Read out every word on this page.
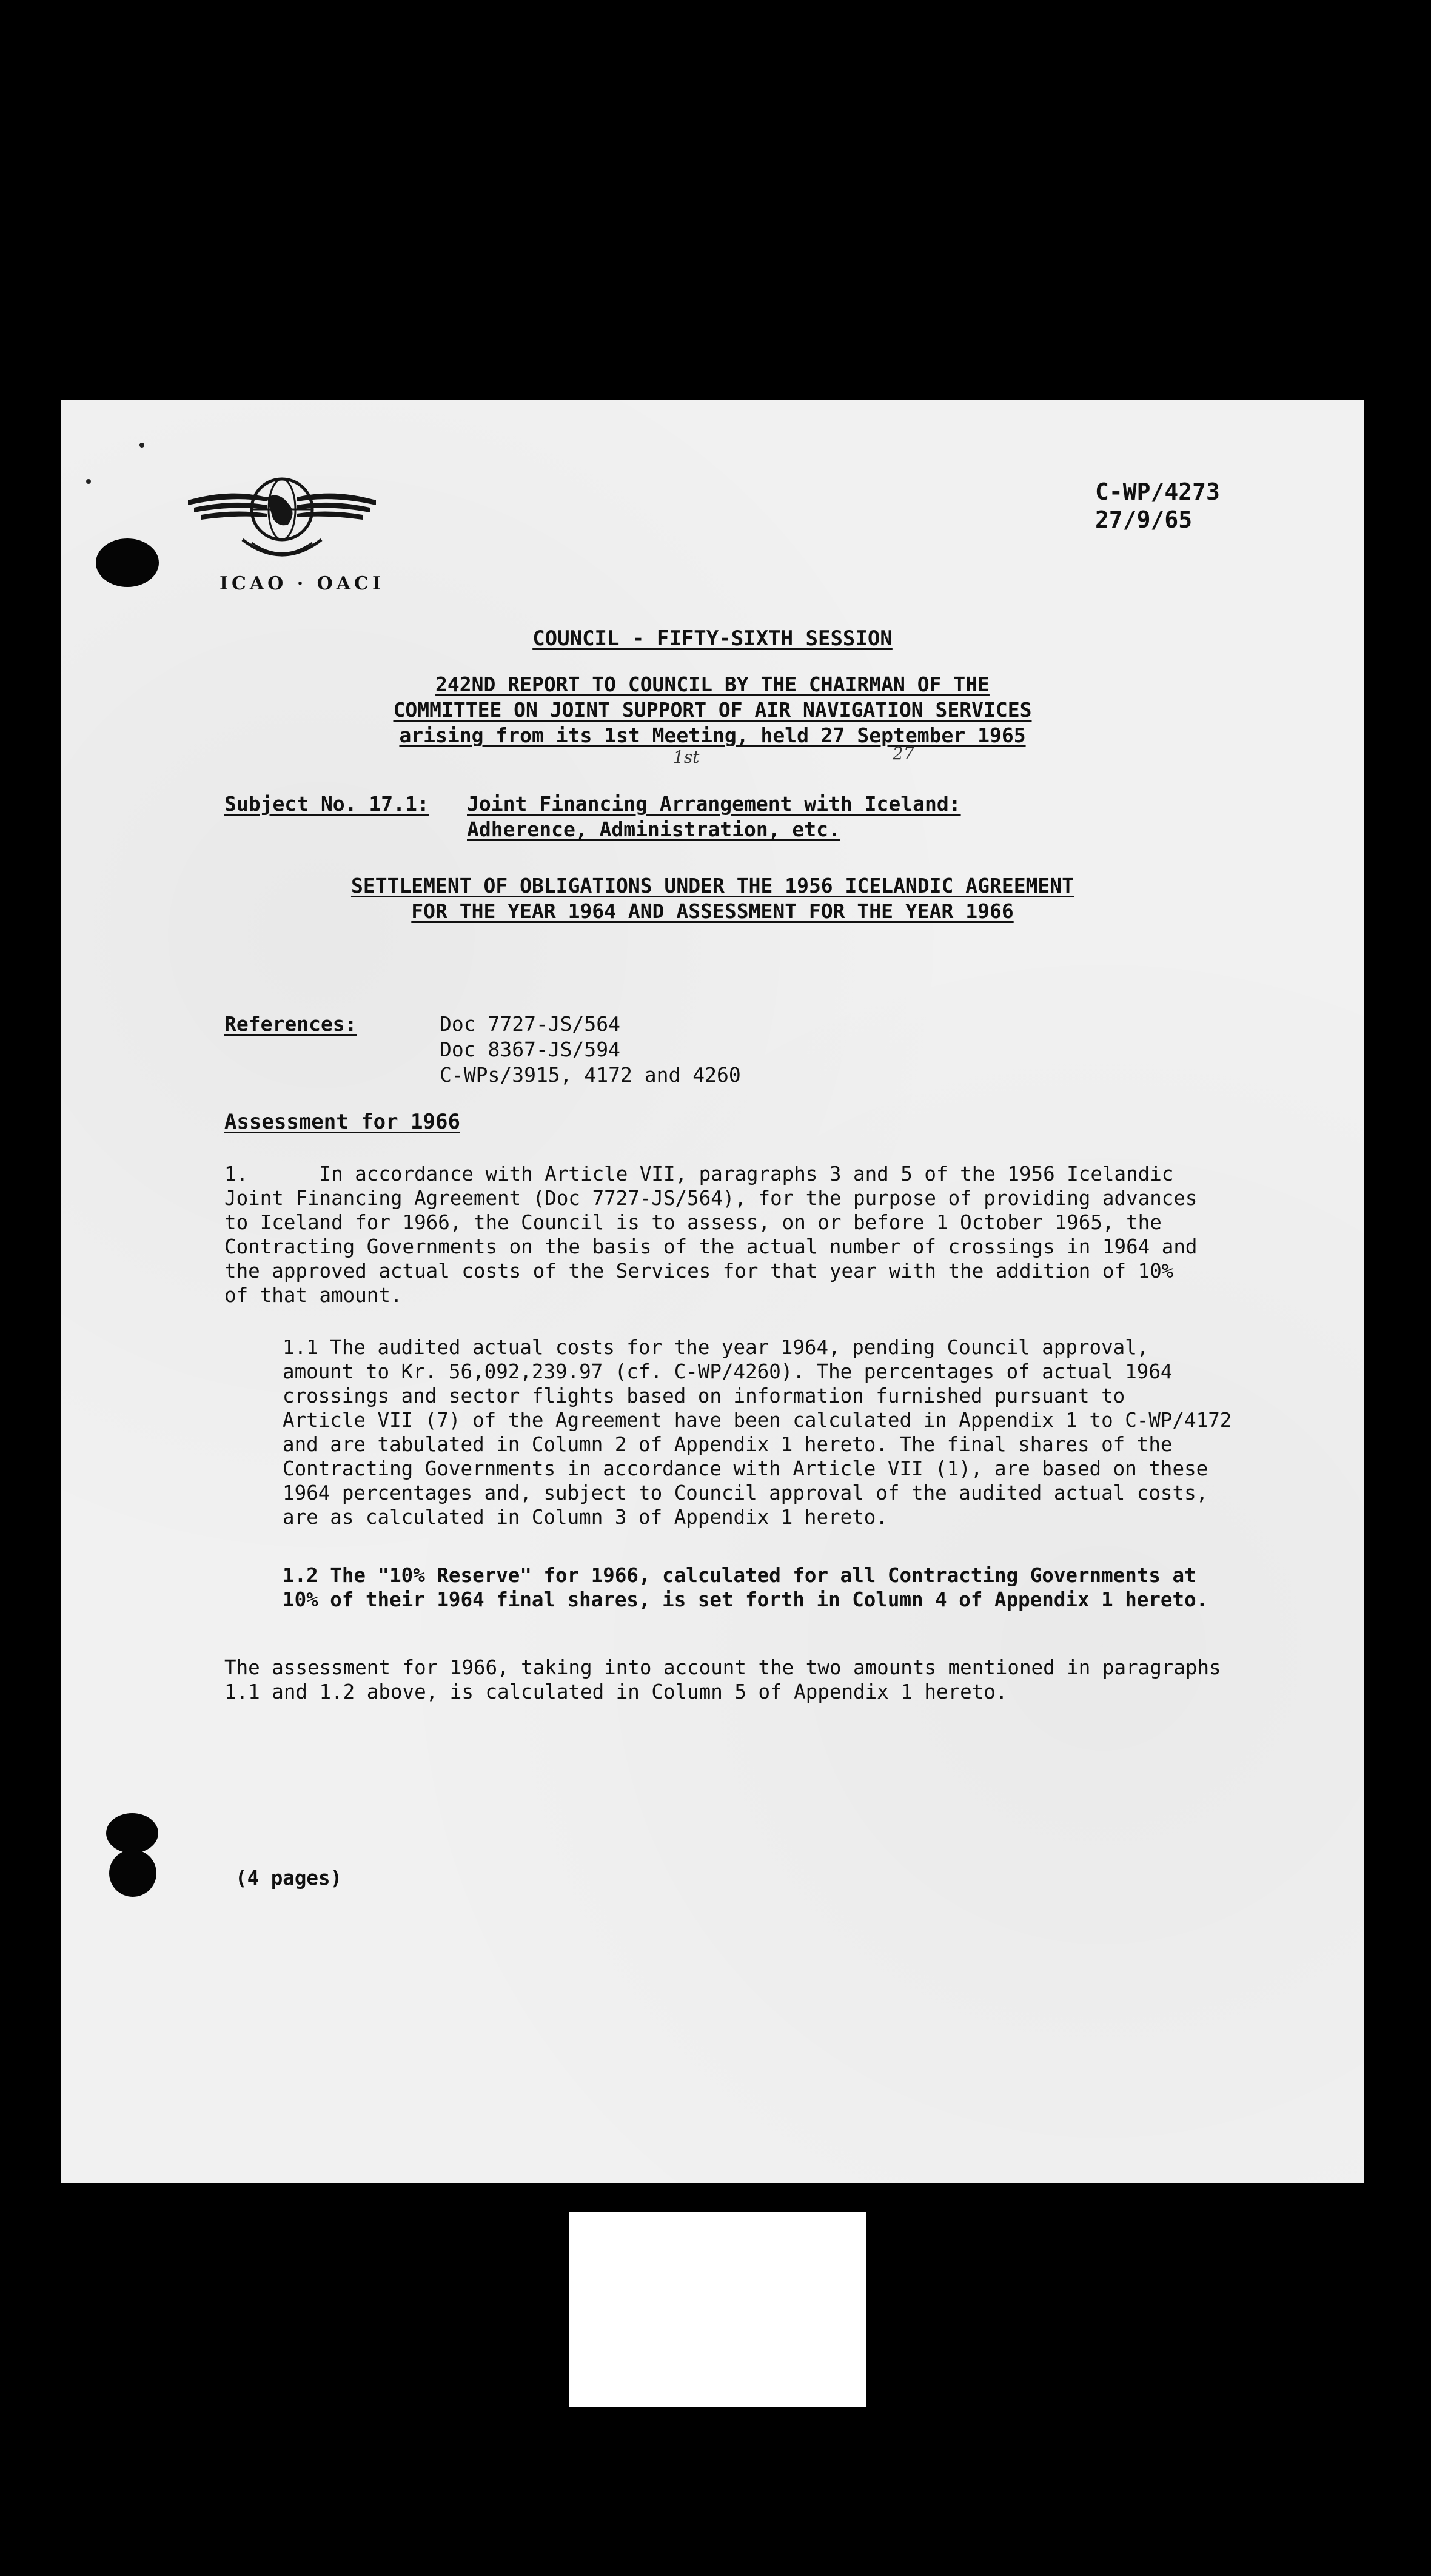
ICAO · OACI
C-WP/4273
27/9/65
COUNCIL - FIFTY-SIXTH SESSION
242ND REPORT TO COUNCIL BY THE CHAIRMAN OF THE
COMMITTEE ON JOINT SUPPORT OF AIR NAVIGATION SERVICES
arising from its 1st Meeting, held 27 September 1965
1st	27
Subject No. 17.1: Joint Financing Arrangement with Iceland:
Adherence, Administration, etc.
SETTLEMENT OF OBLIGATIONS UNDER THE 1956 ICELANDIC AGREEMENT
FOR THE YEAR 1964 AND ASSESSMENT FOR THE YEAR 1966
References:	Doc 7727-JS/564
Doc 8367-JS/594
C-WPs/3915, 4172 and 4260
Assessment for 1966
1.      In accordance with Article VII, paragraphs 3 and 5 of the 1956 Icelandic
Joint Financing Agreement (Doc 7727-JS/564), for the purpose of providing advances
to Iceland for 1966, the Council is to assess, on or before 1 October 1965, the
Contracting Governments on the basis of the actual number of crossings in 1964 and
the approved actual costs of the Services for that year with the addition of 10%
of that amount.
1.1 The audited actual costs for the year 1964, pending Council approval,
amount to Kr. 56,092,239.97 (cf. C-WP/4260). The percentages of actual 1964
crossings and sector flights based on information furnished pursuant to
Article VII (7) of the Agreement have been calculated in Appendix 1 to C-WP/4172
and are tabulated in Column 2 of Appendix 1 hereto. The final shares of the
Contracting Governments in accordance with Article VII (1), are based on these
1964 percentages and, subject to Council approval of the audited actual costs,
are as calculated in Column 3 of Appendix 1 hereto.
1.2 The "10% Reserve" for 1966, calculated for all Contracting Governments at
10% of their 1964 final shares, is set forth in Column 4 of Appendix 1 hereto.
The assessment for 1966, taking into account the two amounts mentioned in paragraphs
1.1 and 1.2 above, is calculated in Column 5 of Appendix 1 hereto.
(4 pages)
